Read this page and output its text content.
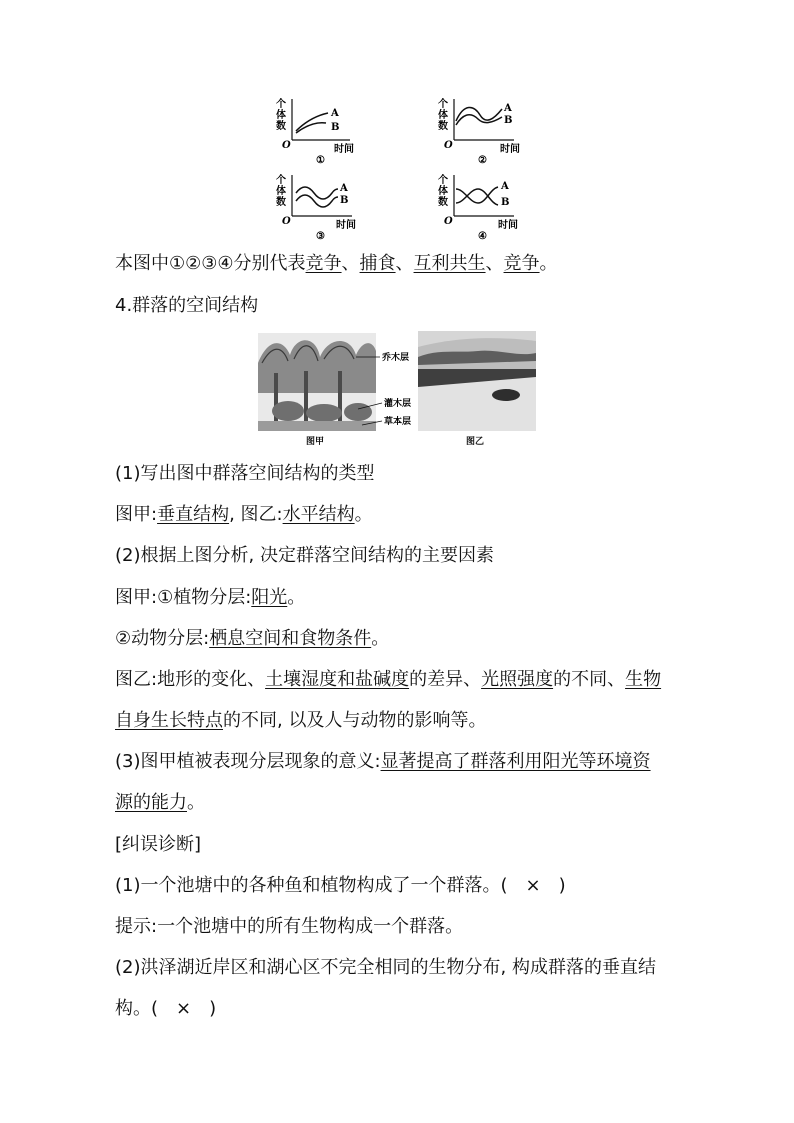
个
体
数
A
B
O	时间
①
个
体
数
A
B
O	时间
②
个
体
数
A
B
O	时间
③
个
体
数
A
B
O	时间
④
本图中①②③④分别代表竞争、捕食、互利共生、竞争。
4.群落的空间结构
乔木层
灌木层
草本层
图甲	图乙
(1)写出图中群落空间结构的类型
图甲:垂直结构, 图乙:水平结构。
(2)根据上图分析, 决定群落空间结构的主要因素
图甲:①植物分层:阳光。
②动物分层:栖息空间和食物条件。
图乙:地形的变化、土壤湿度和盐碱度的差异、光照强度的不同、生物
自身生长特点的不同, 以及人与动物的影响等。
(3)图甲植被表现分层现象的意义:显著提高了群落利用阳光等环境资
源的能力。
[纠误诊断]
(1)一个池塘中的各种鱼和植物构成了一个群落。(　×　)
提示:一个池塘中的所有生物构成一个群落。
(2)洪泽湖近岸区和湖心区不完全相同的生物分布, 构成群落的垂直结
构。(　×　)
